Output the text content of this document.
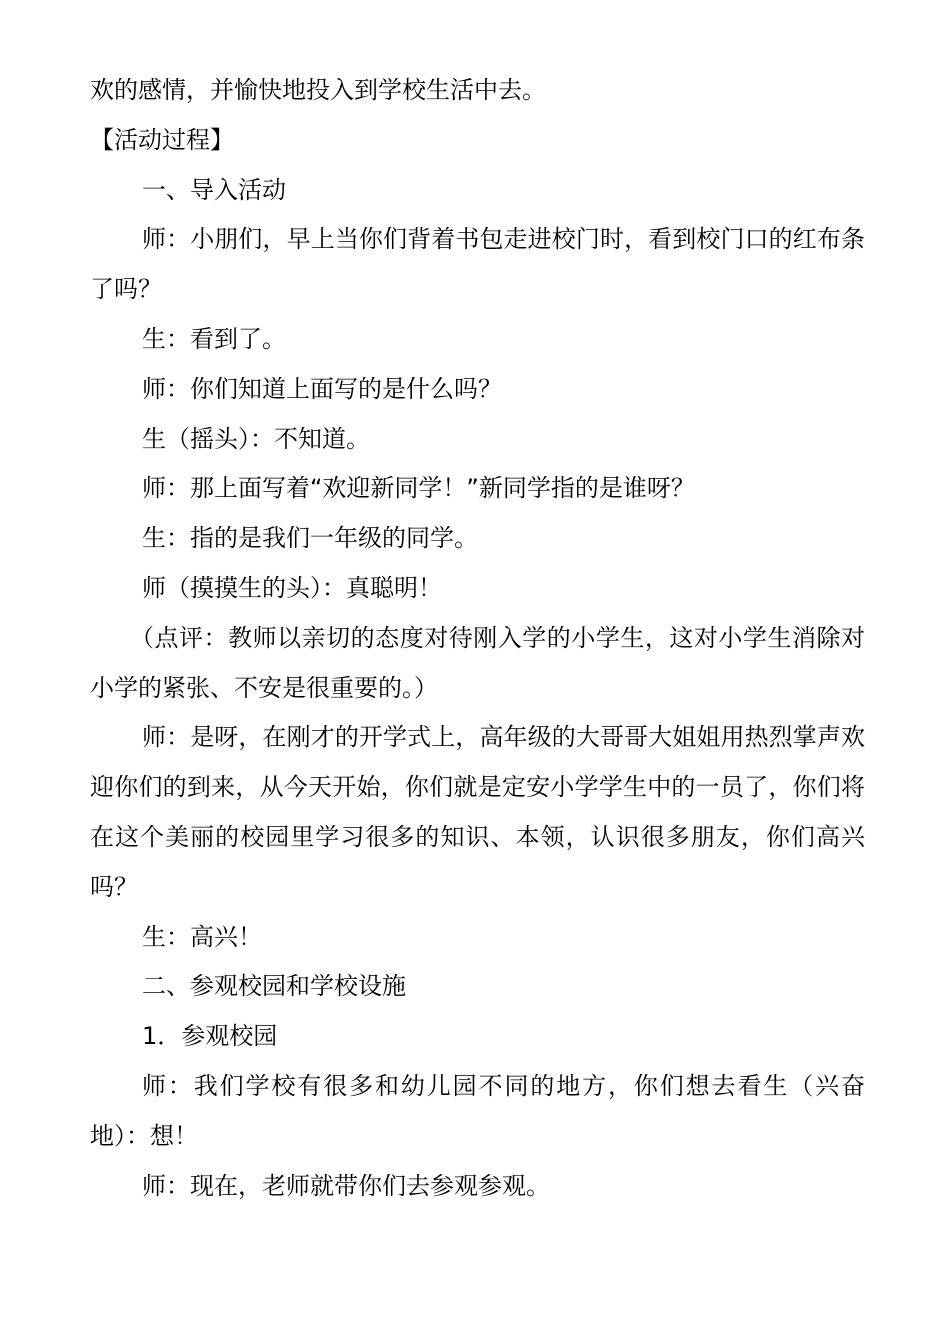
欢的感情，并愉快地投入到学校生活中去。

【活动过程】

一、导入活动

师：小朋们，早上当你们背着书包走进校门时，看到校门口的红布条了吗？

生：看到了。

师：你们知道上面写的是什么吗？

生（摇头）：不知道。

师：那上面写着“欢迎新同学！”新同学指的是谁呀？

生：指的是我们一年级的同学。

师（摸摸生的头）：真聪明！

（点评：教师以亲切的态度对待刚入学的小学生，这对小学生消除对小学的紧张、不安是很重要的。）

师：是呀，在刚才的开学式上，高年级的大哥哥大姐姐用热烈掌声欢迎你们的到来，从今天开始，你们就是定安小学学生中的一员了，你们将在这个美丽的校园里学习很多的知识、本领，认识很多朋友，你们高兴吗？

生：高兴！

二、参观校园和学校设施

1．参观校园

师：我们学校有很多和幼儿园不同的地方，你们想去看生（兴奋地）：想！

师：现在，老师就带你们去参观参观。
